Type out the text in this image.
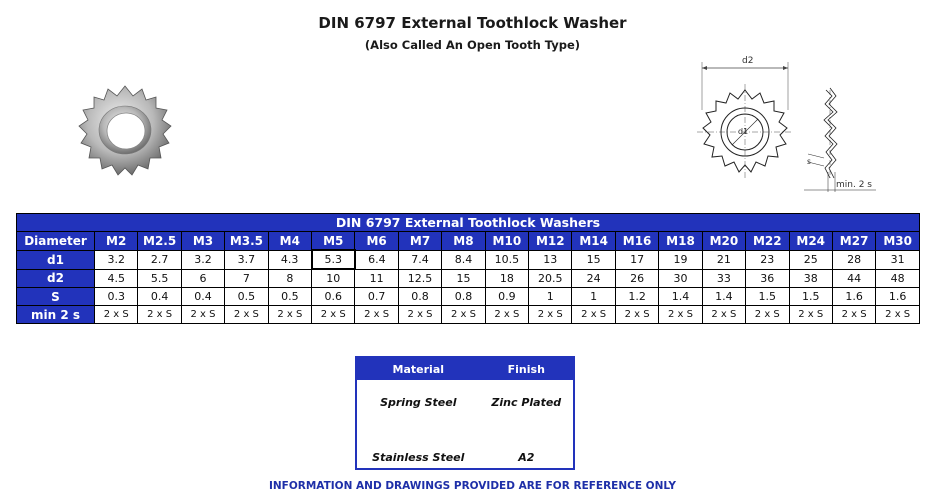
DIN 6797 External Toothlock Washer
(Also Called An Open Tooth Type)
d2
d1
s
min. 2 s
DIN 6797 External Toothlock Washers																			
Diameter	M2	M2.5	M3	M3.5	M4	M5	M6	M7	M8	M10	M12	M14	M16	M18	M20	M22	M24	M27	M30
d1	3.2	2.7	3.2	3.7	4.3	5.3	6.4	7.4	8.4	10.5	13	15	17	19	21	23	25	28	31
d2	4.5	5.5	6	7	8	10	11	12.5	15	18	20.5	24	26	30	33	36	38	44	48
S	0.3	0.4	0.4	0.5	0.5	0.6	0.7	0.8	0.8	0.9	1	1	1.2	1.4	1.4	1.5	1.5	1.6	1.6
min 2 s	2 x S	2 x S	2 x S	2 x S	2 x S	2 x S	2 x S	2 x S	2 x S	2 x S	2 x S	2 x S	2 x S	2 x S	2 x S	2 x S	2 x S	2 x S	2 x S
Material	Finish
Spring Steel	Zinc Plated
Stainless Steel	A2
INFORMATION AND DRAWINGS PROVIDED ARE FOR REFERENCE ONLY
